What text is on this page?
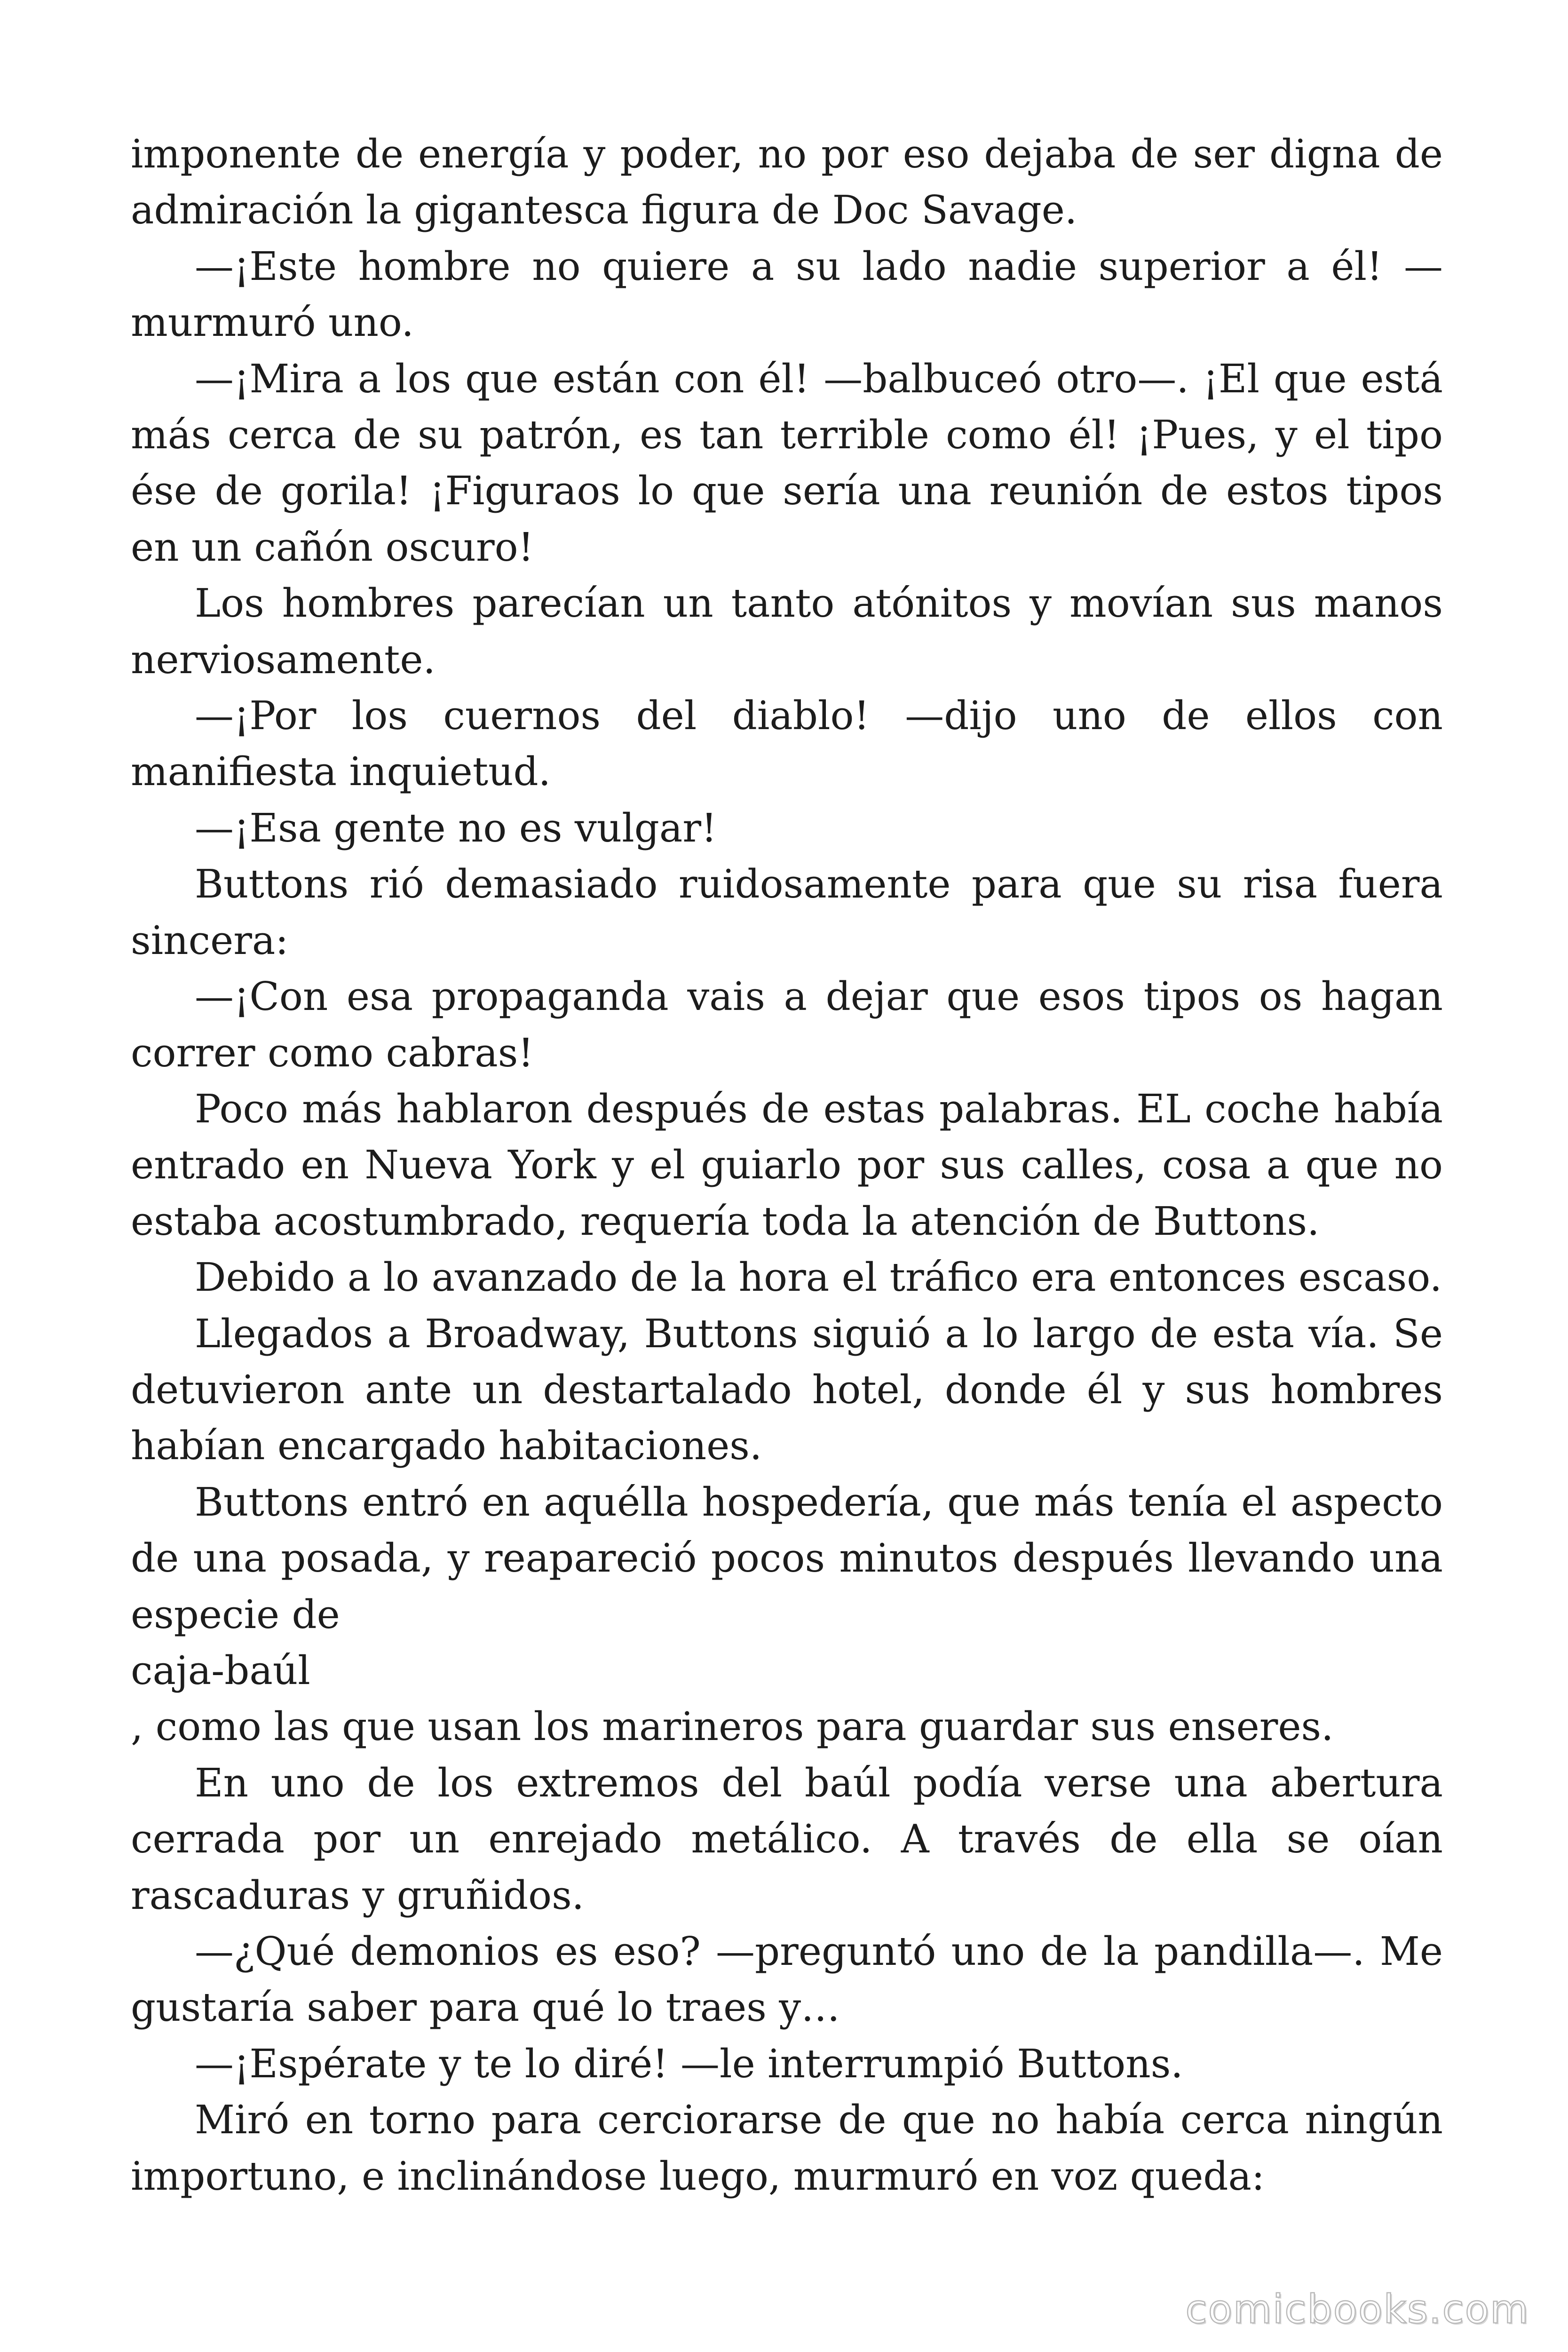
imponente de energía y poder, no por eso dejaba de ser digna de admiración la gigantesca figura de Doc Savage.

—¡Este hombre no quiere a su lado nadie superior a él! —murmuró uno.

—¡Mira a los que están con él! —balbuceó otro—. ¡El que está más cerca de su patrón, es tan terrible como él! ¡Pues, y el tipo ése de gorila! ¡Figuraos lo que sería una reunión de estos tipos en un cañón oscuro!

Los hombres parecían un tanto atónitos y movían sus manos nerviosamente.

—¡Por los cuernos del diablo! —dijo uno de ellos con manifiesta inquietud.

—¡Esa gente no es vulgar!

Buttons rió demasiado ruidosamente para que su risa fuera sincera:

—¡Con esa propaganda vais a dejar que esos tipos os hagan correr como cabras!

Poco más hablaron después de estas palabras. EL coche había entrado en Nueva York y el guiarlo por sus calles, cosa a que no estaba acostumbrado, requería toda la atención de Buttons.

Debido a lo avanzado de la hora el tráfico era entonces escaso.

Llegados a Broadway, Buttons siguió a lo largo de esta vía. Se detuvieron ante un destartalado hotel, donde él y sus hombres habían encargado habitaciones.

Buttons entró en aquélla hospedería, que más tenía el aspecto de una posada, y reapareció pocos minutos después llevando una especie de

caja-baúl

, como las que usan los marineros para guardar sus enseres.

En uno de los extremos del baúl podía verse una abertura cerrada por un enrejado metálico. A través de ella se oían rascaduras y gruñidos.

—¿Qué demonios es eso? —preguntó uno de la pandilla—. Me gustaría saber para qué lo traes y…

—¡Espérate y te lo diré! —le interrumpió Buttons.

Miró en torno para cerciorarse de que no había cerca ningún importuno, e inclinándose luego, murmuró en voz queda:

comicbooks.com
